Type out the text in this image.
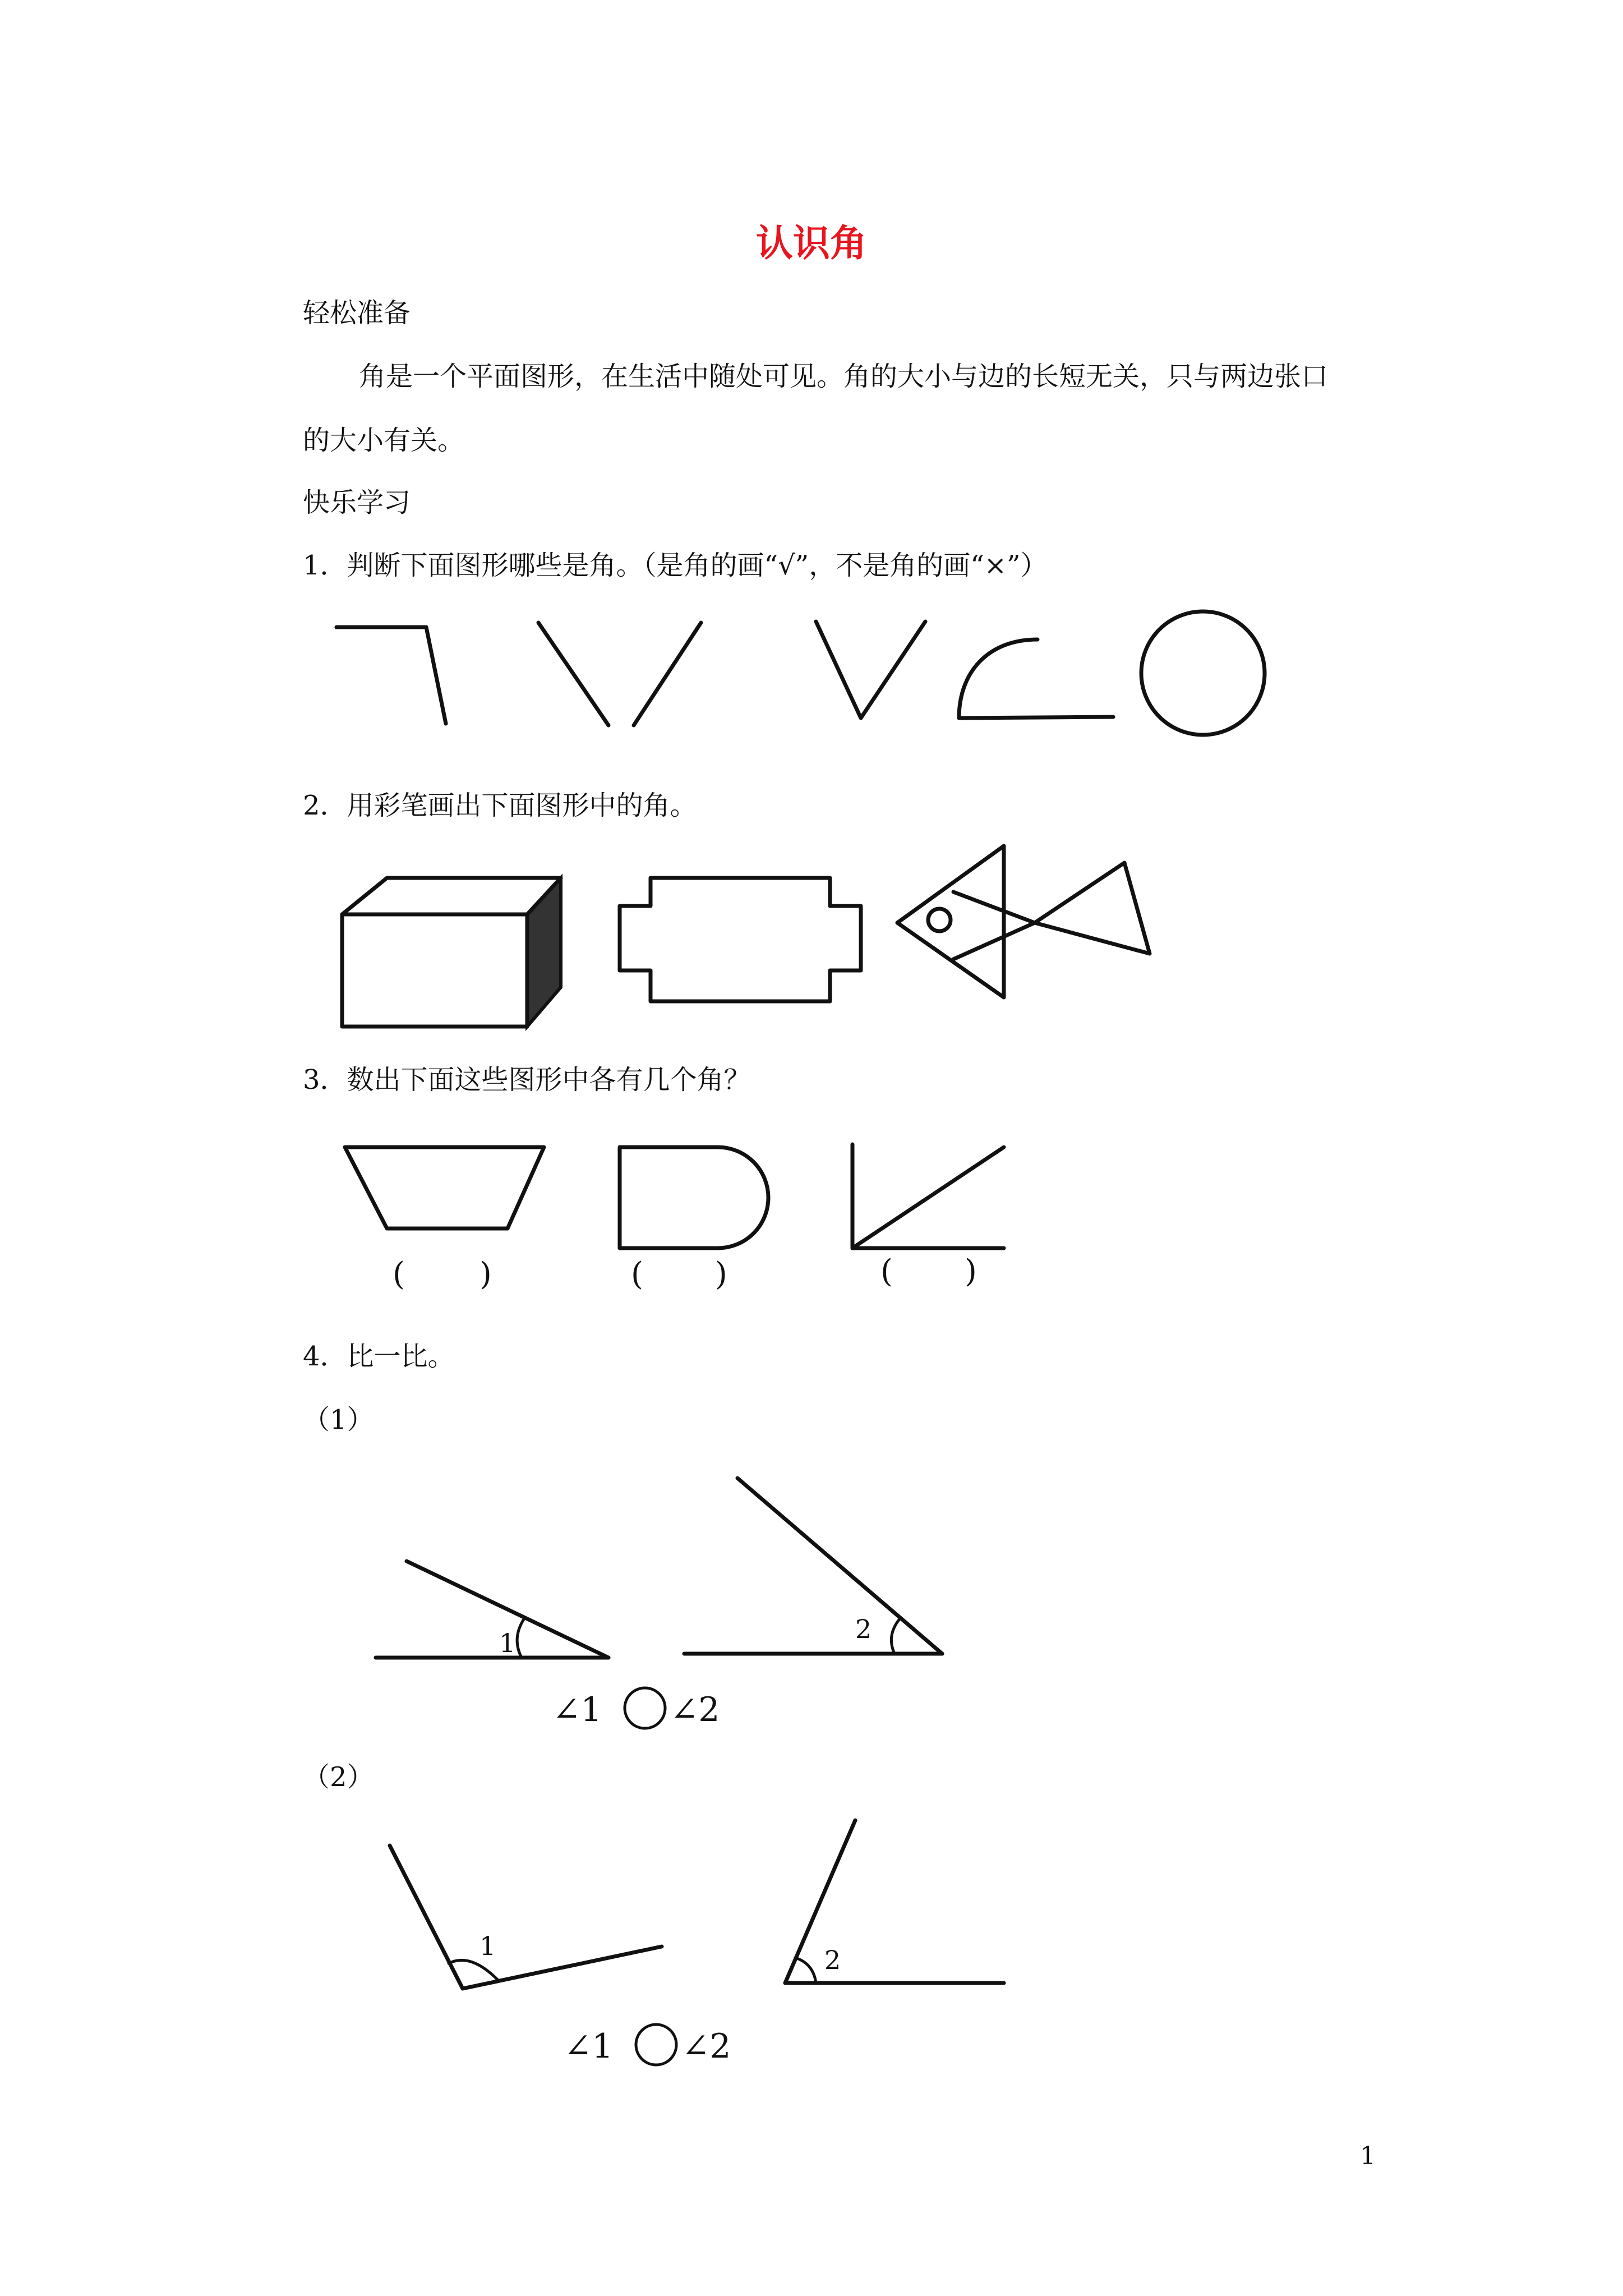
认识角
轻松准备
角是一个平面图形，在生活中随处可见。角的大小与边的长短无关，只与两边张口
的大小有关。
快乐学习
1．判断下面图形哪些是角。（是角的画“√”，不是角的画“×”）
2．用彩笔画出下面图形中的角。
3．数出下面这些图形中各有几个角？
( )	( )	( )
4．比一比。
（1）
（2）
1	2
∠1 ∠2
1	2
∠1 ∠2
1
